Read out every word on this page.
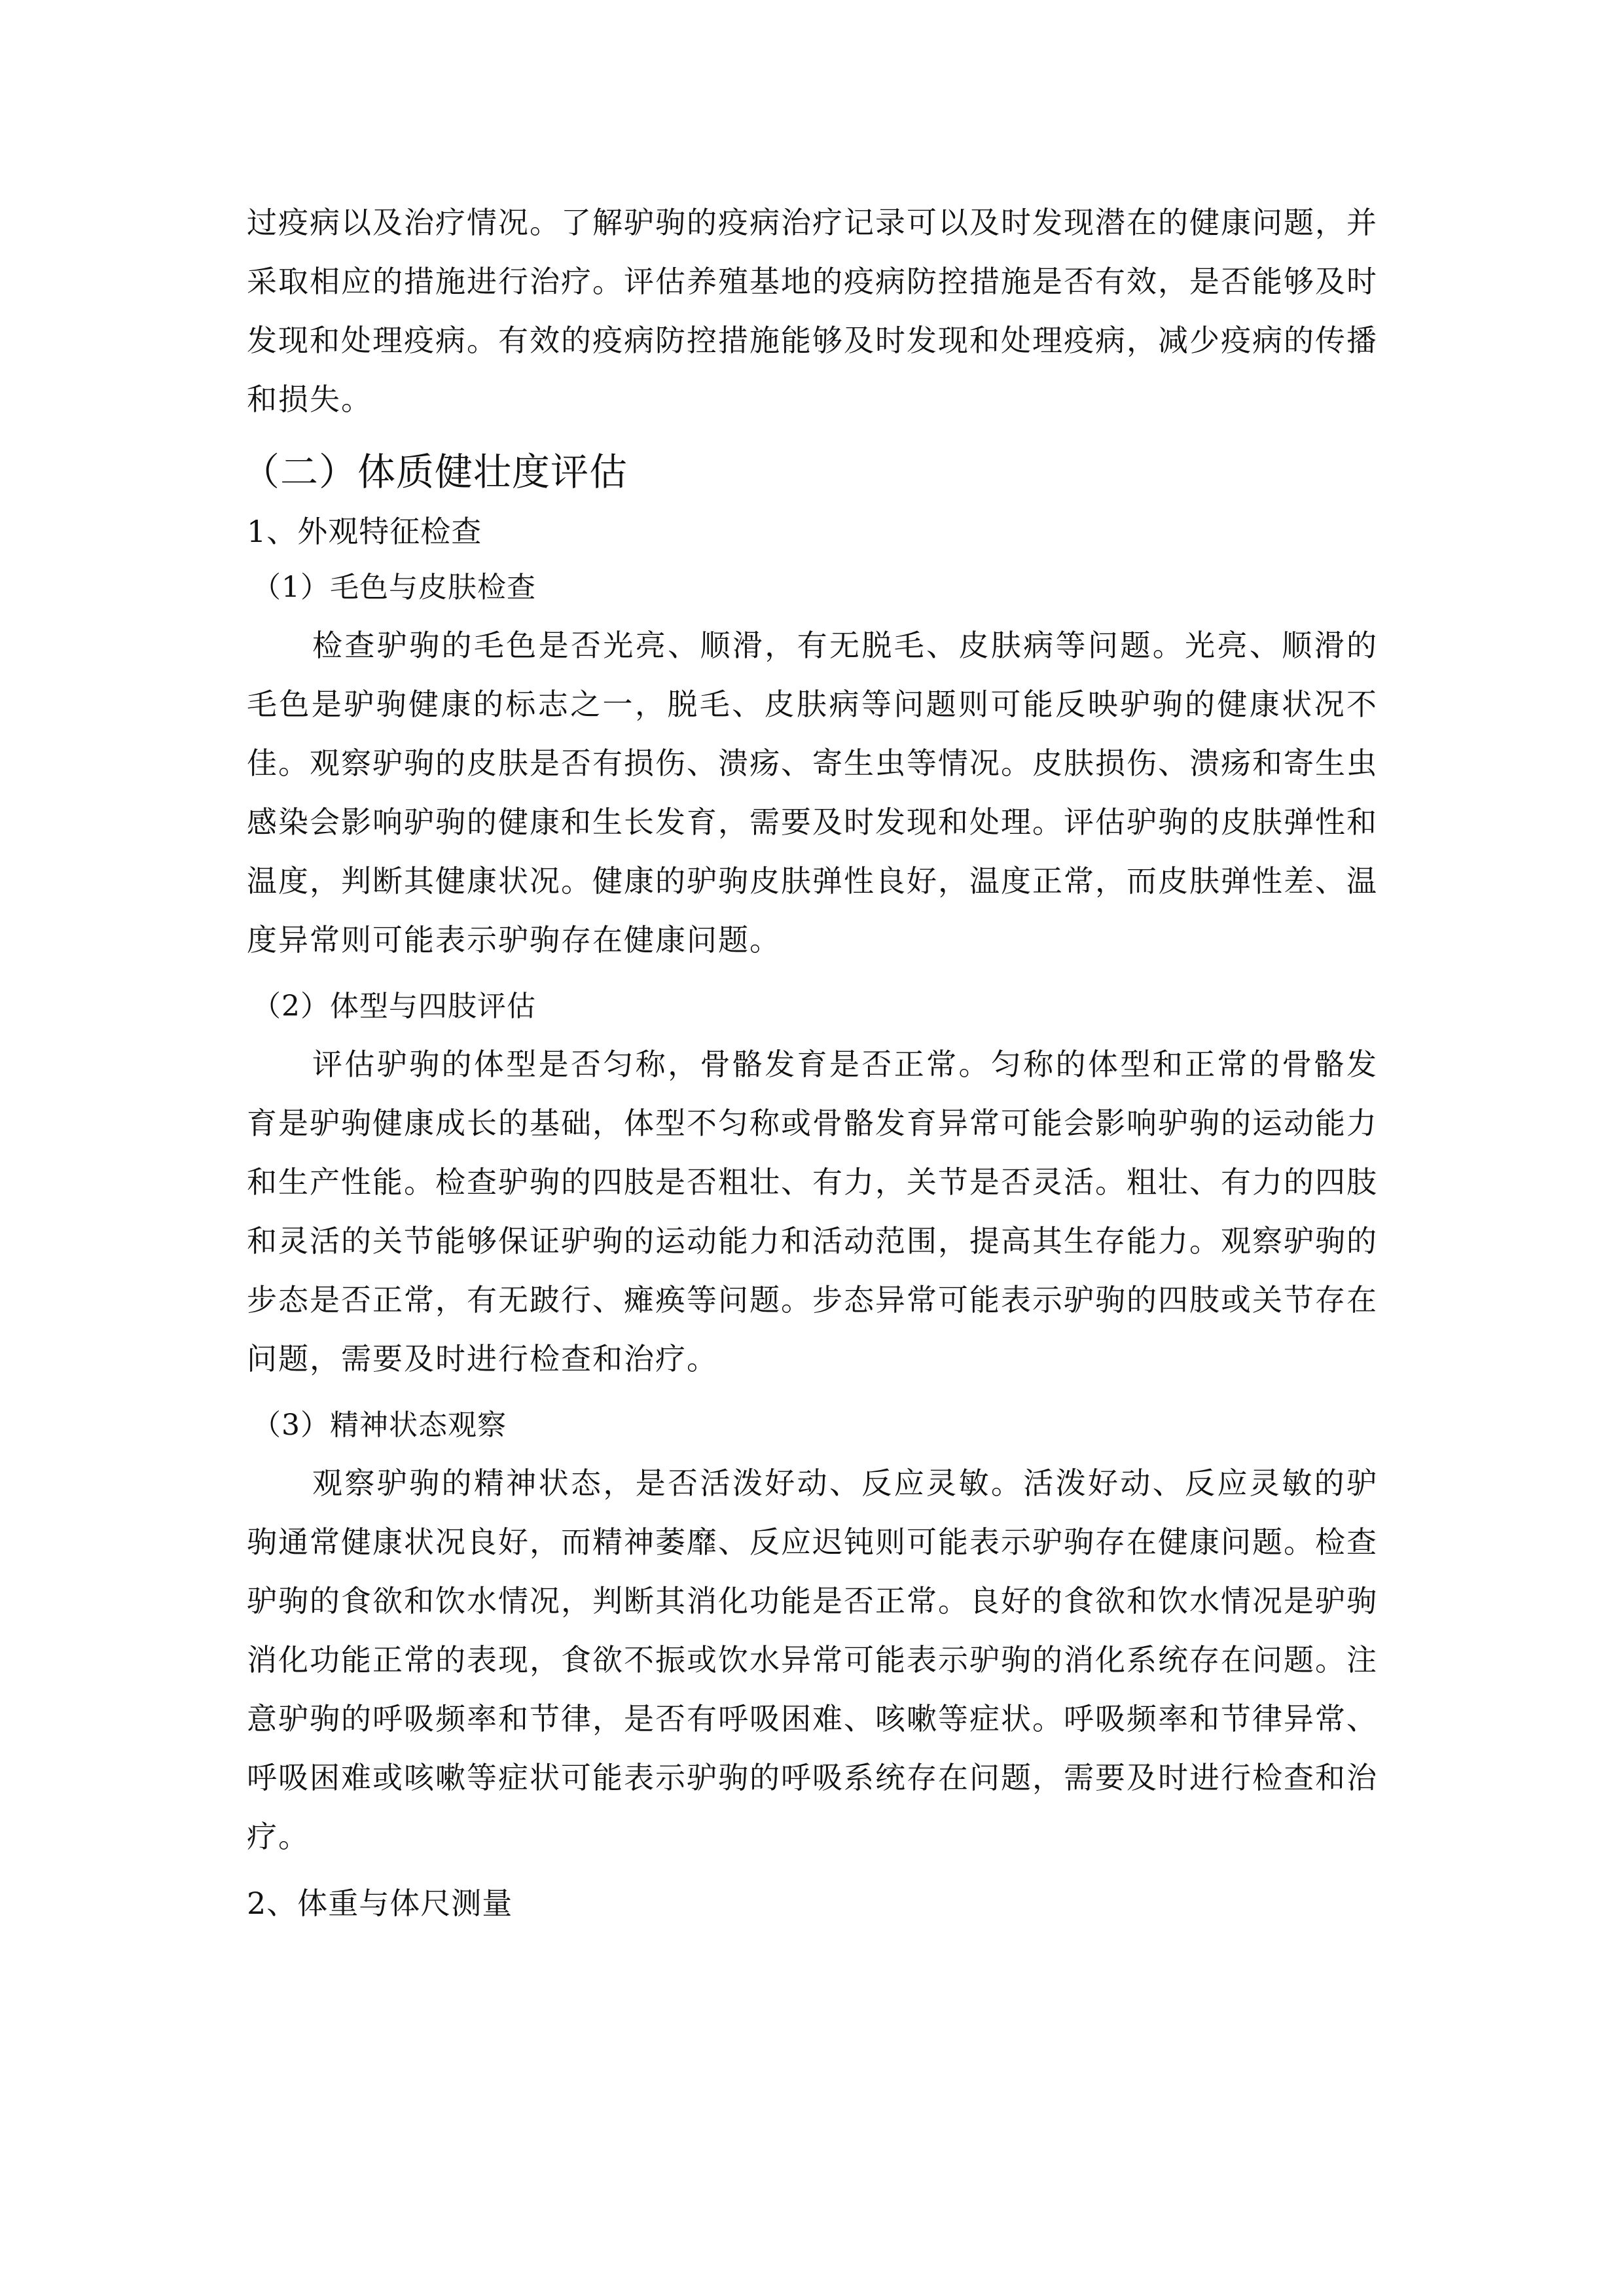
过疫病以及治疗情况。了解驴驹的疫病治疗记录可以及时发现潜在的健康问题，并采取相应的措施进行治疗。评估养殖基地的疫病防控措施是否有效，是否能够及时发现和处理疫病。有效的疫病防控措施能够及时发现和处理疫病，减少疫病的传播和损失。

（二）体质健壮度评估
1、外观特征检查
（1）毛色与皮肤检查

检查驴驹的毛色是否光亮、顺滑，有无脱毛、皮肤病等问题。光亮、顺滑的毛色是驴驹健康的标志之一，脱毛、皮肤病等问题则可能反映驴驹的健康状况不佳。观察驴驹的皮肤是否有损伤、溃疡、寄生虫等情况。皮肤损伤、溃疡和寄生虫感染会影响驴驹的健康和生长发育，需要及时发现和处理。评估驴驹的皮肤弹性和温度，判断其健康状况。健康的驴驹皮肤弹性良好，温度正常，而皮肤弹性差、温度异常则可能表示驴驹存在健康问题。

（2）体型与四肢评估

评估驴驹的体型是否匀称，骨骼发育是否正常。匀称的体型和正常的骨骼发育是驴驹健康成长的基础，体型不匀称或骨骼发育异常可能会影响驴驹的运动能力和生产性能。检查驴驹的四肢是否粗壮、有力，关节是否灵活。粗壮、有力的四肢和灵活的关节能够保证驴驹的运动能力和活动范围，提高其生存能力。观察驴驹的步态是否正常，有无跛行、瘫痪等问题。步态异常可能表示驴驹的四肢或关节存在问题，需要及时进行检查和治疗。

（3）精神状态观察

观察驴驹的精神状态，是否活泼好动、反应灵敏。活泼好动、反应灵敏的驴驹通常健康状况良好，而精神萎靡、反应迟钝则可能表示驴驹存在健康问题。检查驴驹的食欲和饮水情况，判断其消化功能是否正常。良好的食欲和饮水情况是驴驹消化功能正常的表现，食欲不振或饮水异常可能表示驴驹的消化系统存在问题。注意驴驹的呼吸频率和节律，是否有呼吸困难、咳嗽等症状。呼吸频率和节律异常、呼吸困难或咳嗽等症状可能表示驴驹的呼吸系统存在问题，需要及时进行检查和治疗。

2、体重与体尺测量
